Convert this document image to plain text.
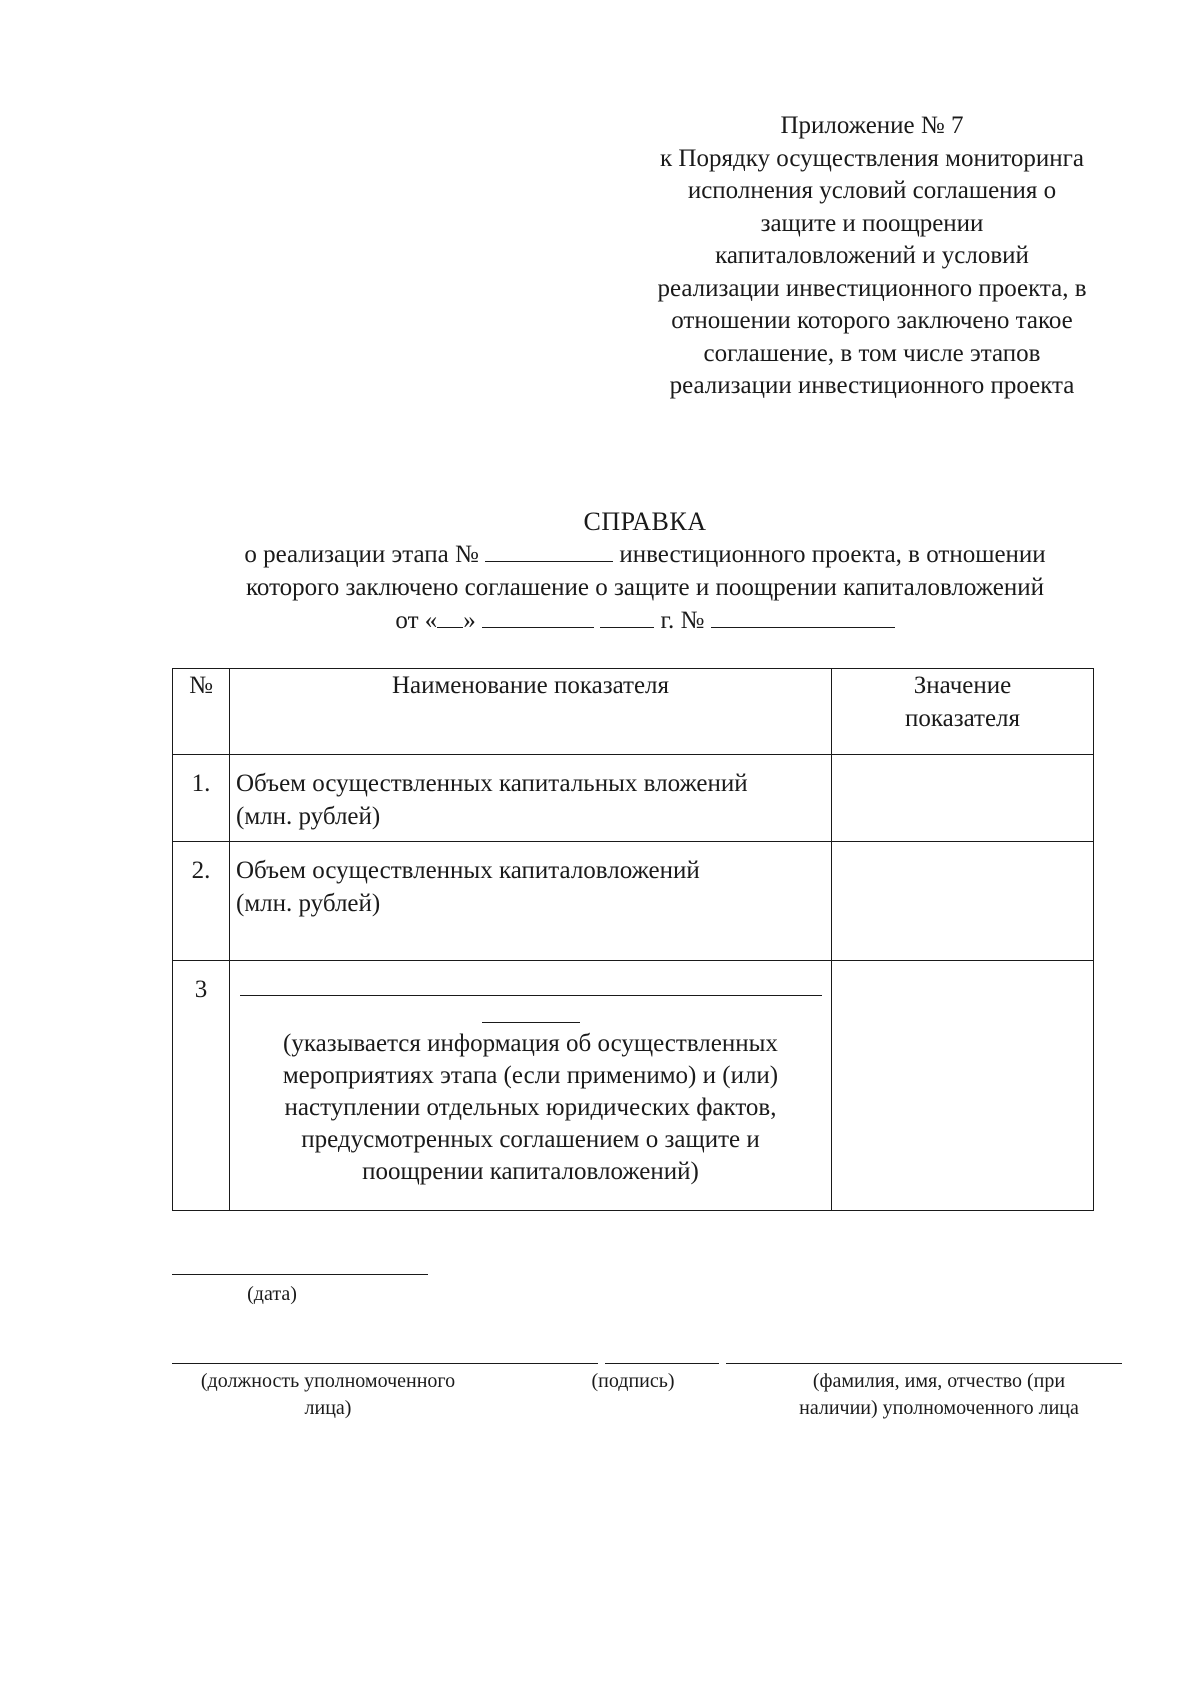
Приложение № 7
к Порядку осуществления мониторинга
исполнения условий соглашения о
защите и поощрении
капиталовложений и условий
реализации инвестиционного проекта, в
отношении которого заключено такое
соглашение, в том числе этапов
реализации инвестиционного проекта
СПРАВКА
о реализации этапа №	инвестиционного проекта, в отношении
которого заключено соглашение о защите и поощрении капиталовложений
от « »	г. №
№	Наименование показателя	Значение
показателя

1.	Объем осуществленных капитальных вложений
(млн. рублей)	

2.	Объем осуществленных капиталовложений
(млн. рублей)	

3	(указывается информация об осуществленных
мероприятиях этапа (если применимо) и (или)
наступлении отдельных юридических фактов,
предусмотренных соглашением о защите и
поощрении капиталовложений)	

(дата)
(должность уполномоченного
лица)
(подпись)	(фамилия, имя, отчество (при
наличии) уполномоченного лица
